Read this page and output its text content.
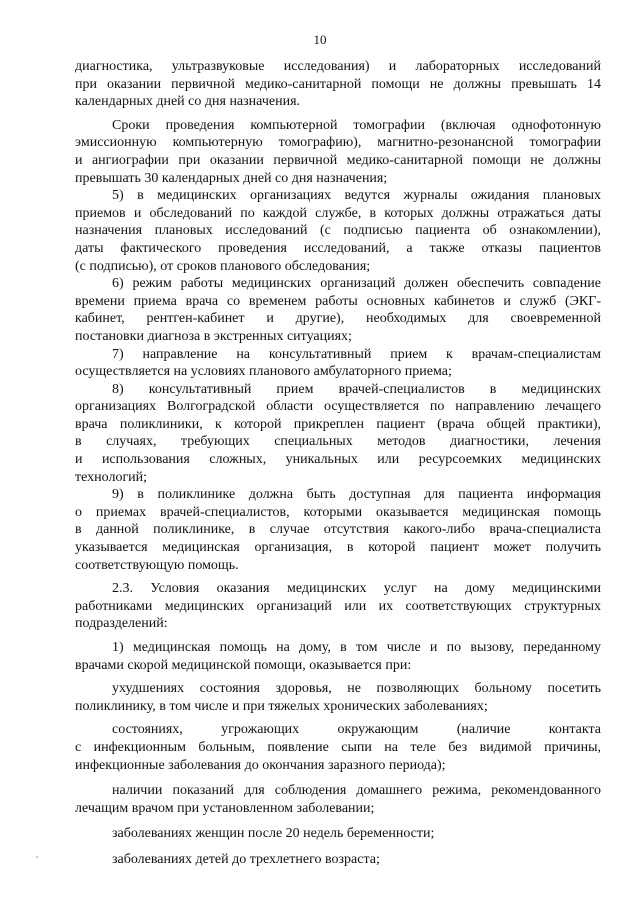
10
диагностика, ультразвуковые исследования) и лабораторных исследований
при оказании первичной медико-санитарной помощи не должны превышать 14
календарных дней со дня назначения.
Сроки проведения компьютерной томографии (включая однофотонную
эмиссионную компьютерную томографию), магнитно-резонансной томографии
и ангиографии при оказании первичной медико-санитарной помощи не должны
превышать 30 календарных дней со дня назначения;
5) в медицинских организациях ведутся журналы ожидания плановых
приемов и обследований по каждой службе, в которых должны отражаться даты
назначения плановых исследований (с подписью пациента об ознакомлении),
даты фактического проведения исследований, а также отказы пациентов
(с подписью), от сроков планового обследования;
6) режим работы медицинских организаций должен обеспечить совпадение
времени приема врача со временем работы основных кабинетов и служб (ЭКГ-
кабинет, рентген-кабинет и другие), необходимых для своевременной
постановки диагноза в экстренных ситуациях;
7) направление на консультативный прием к врачам-специалистам
осуществляется на условиях планового амбулаторного приема;
8) консультативный прием врачей-специалистов в медицинских
организациях Волгоградской области осуществляется по направлению лечащего
врача поликлиники, к которой прикреплен пациент (врача общей практики),
в случаях, требующих специальных методов диагностики, лечения
и использования сложных, уникальных или ресурсоемких медицинских
технологий;
9) в поликлинике должна быть доступная для пациента информация
о приемах врачей-специалистов, которыми оказывается медицинская помощь
в данной поликлинике, в случае отсутствия какого-либо врача-специалиста
указывается медицинская организация, в которой пациент может получить
соответствующую помощь.
2.3. Условия оказания медицинских услуг на дому медицинскими
работниками медицинских организаций или их соответствующих структурных
подразделений:
1) медицинская помощь на дому, в том числе и по вызову, переданному
врачами скорой медицинской помощи, оказывается при:
ухудшениях состояния здоровья, не позволяющих больному посетить
поликлинику, в том числе и при тяжелых хронических заболеваниях;
состояниях, угрожающих окружающим (наличие контакта
с инфекционным больным, появление сыпи на теле без видимой причины,
инфекционные заболевания до окончания заразного периода);
наличии показаний для соблюдения домашнего режима, рекомендованного
лечащим врачом при установленном заболевании;
заболеваниях женщин после 20 недель беременности;
заболеваниях детей до трехлетнего возраста;
